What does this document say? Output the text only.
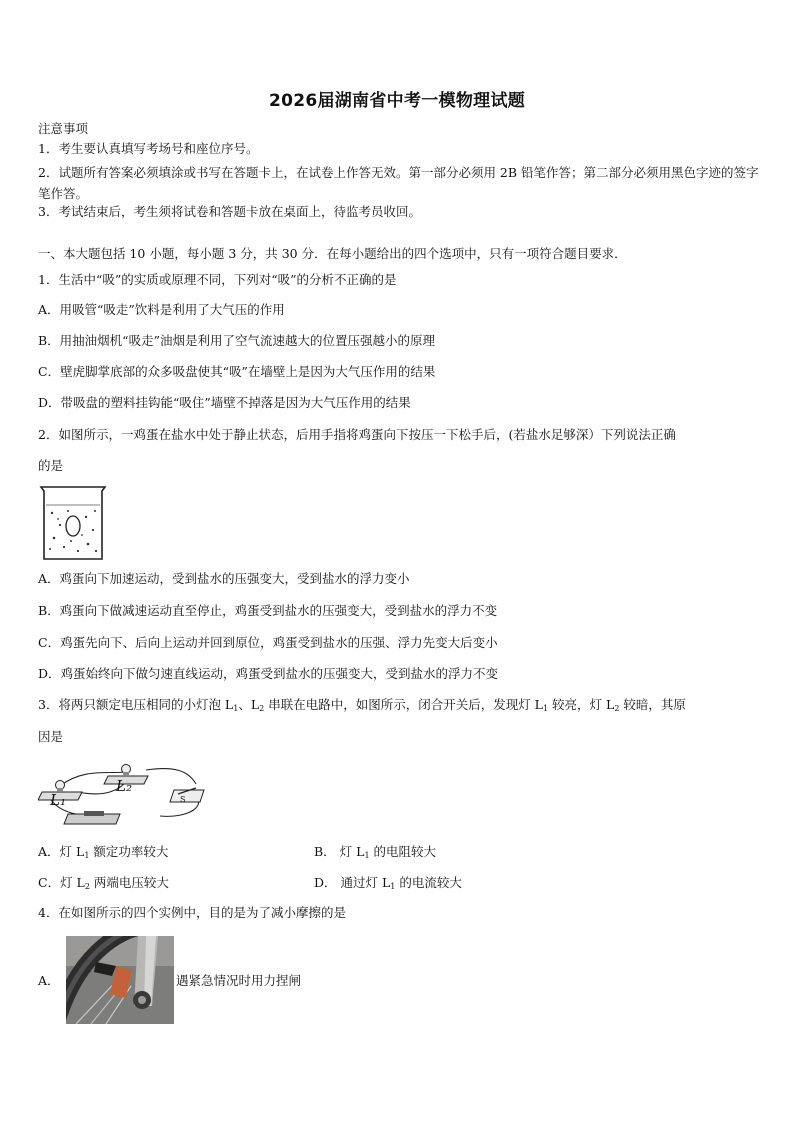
2026届湖南省中考一模物理试题
注意事项
1．考生要认真填写考场号和座位序号。
2．试题所有答案必须填涂或书写在答题卡上，在试卷上作答无效。第一部分必须用 2B 铅笔作答；第二部分必须用黑色字迹的签字笔作答。
3．考试结束后，考生须将试卷和答题卡放在桌面上，待监考员收回。
一、本大题包括 10 小题，每小题 3 分，共 30 分．在每小题给出的四个选项中，只有一项符合题目要求．
1．生活中“吸”的实质或原理不同，下列对“吸”的分析不正确的是
A．用吸管“吸走”饮料是利用了大气压的作用
B．用抽油烟机“吸走”油烟是利用了空气流速越大的位置压强越小的原理
C．壁虎脚掌底部的众多吸盘使其“吸”在墙壁上是因为大气压作用的结果
D．带吸盘的塑料挂钩能“吸住”墙壁不掉落是因为大气压作用的结果
2．如图所示，一鸡蛋在盐水中处于静止状态，后用手指将鸡蛋向下按压一下松手后，(若盐水足够深）下列说法正确
的是
A．鸡蛋向下加速运动，受到盐水的压强变大，受到盐水的浮力变小
B．鸡蛋向下做减速运动直至停止，鸡蛋受到盐水的压强变大，受到盐水的浮力不变
C．鸡蛋先向下、后向上运动并回到原位，鸡蛋受到盐水的压强、浮力先变大后变小
D．鸡蛋始终向下做匀速直线运动，鸡蛋受到盐水的压强变大，受到盐水的浮力不变
3．将两只额定电压相同的小灯泡 $L_1$、$L_2$ 串联在电路中，如图所示，闭合开关后，发现灯 $L_1$ 较亮，灯 $L_2$ 较暗，其原
因是
L₁
L₂
S
A．灯 $L_1$ 额定功率较大	B． 灯 $L_1$ 的电阻较大
C．灯 $L_2$ 两端电压较大	D． 通过灯 $L_1$ 的电流较大
4．在如图所示的四个实例中，目的是为了减小摩擦的是
A．	遇紧急情况时用力捏闸
